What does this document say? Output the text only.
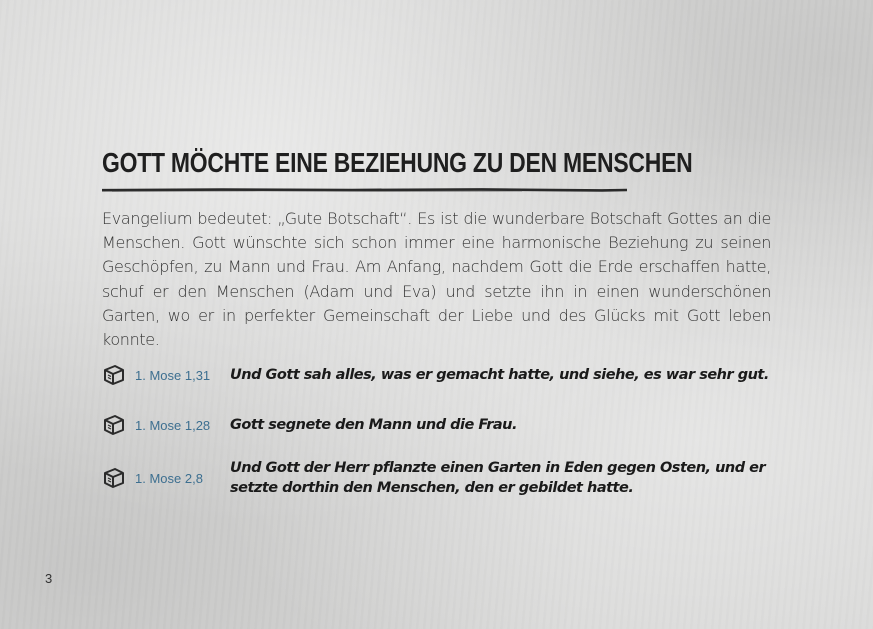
GOTT MÖCHTE EINE BEZIEHUNG ZU DEN MENSCHEN

Evangelium bedeutet: „Gute Botschaft“. Es ist die wunderbare Botschaft Gottes an die Menschen. Gott wünschte sich schon immer eine harmonische Beziehung zu seinen Geschöpfen, zu Mann und Frau. Am Anfang, nachdem Gott die Erde erschaffen hatte, schuf er den Menschen (Adam und Eva) und setzte ihn in einen wunderschönen Garten, wo er in perfekter Gemeinschaft der Liebe und des Glücks mit Gott leben konnte.

1. Mose 1,31	Und Gott sah alles, was er gemacht hatte, und siehe, es war sehr gut.
1. Mose 1,28	Gott segnete den Mann und die Frau.
1. Mose 2,8
Und Gott der Herr pflanzte einen Garten in Eden gegen Osten, und er setzte dorthin den Menschen, den er gebildet hatte.
3
